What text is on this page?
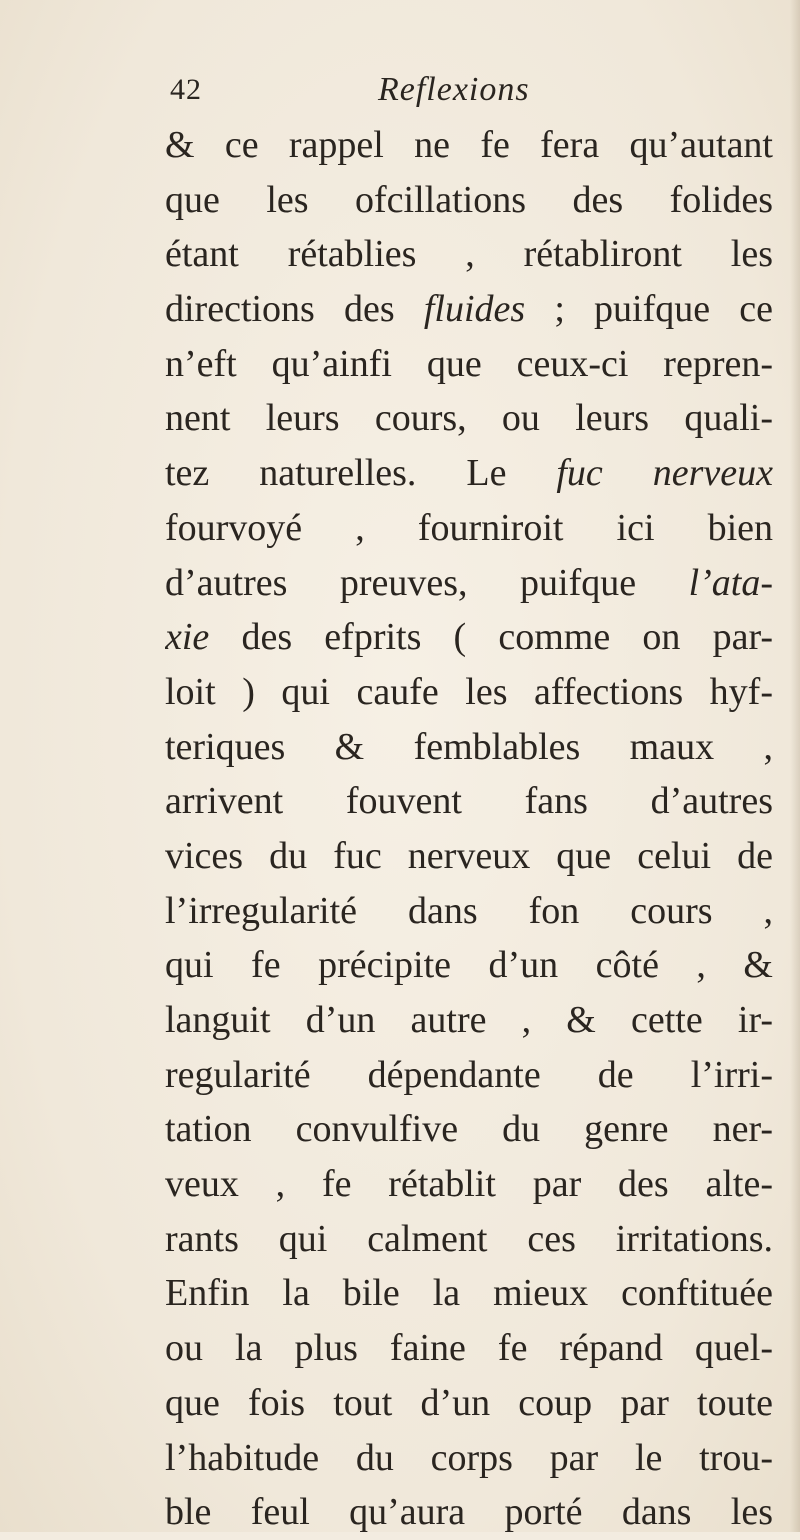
42	Reflexions
& ce rappel ne fe fera qu’autant
que les ofcillations des folides
étant rétablies , rétabliront les
directions des fluides ; puifque ce
n’eft qu’ainfi que ceux-ci repren-
nent leurs cours, ou leurs quali-
tez naturelles. Le fuc nerveux
fourvoyé , fourniroit ici bien
d’autres preuves, puifque l’ata-
xie des efprits ( comme on par-
loit ) qui caufe les affections hyf-
teriques & femblables maux ,
arrivent fouvent fans d’autres
vices du fuc nerveux que celui de
l’irregularité dans fon cours ,
qui fe précipite d’un côté , &
languit d’un autre , & cette ir-
regularité dépendante de l’irri-
tation convulfive du genre ner-
veux , fe rétablit par des alte-
rants qui calment ces irritations.
Enfin la bile la mieux conftituée
ou la plus faine fe répand quel-
que fois tout d’un coup par toute
l’habitude du corps par le trou-
ble feul qu’aura porté dans les
